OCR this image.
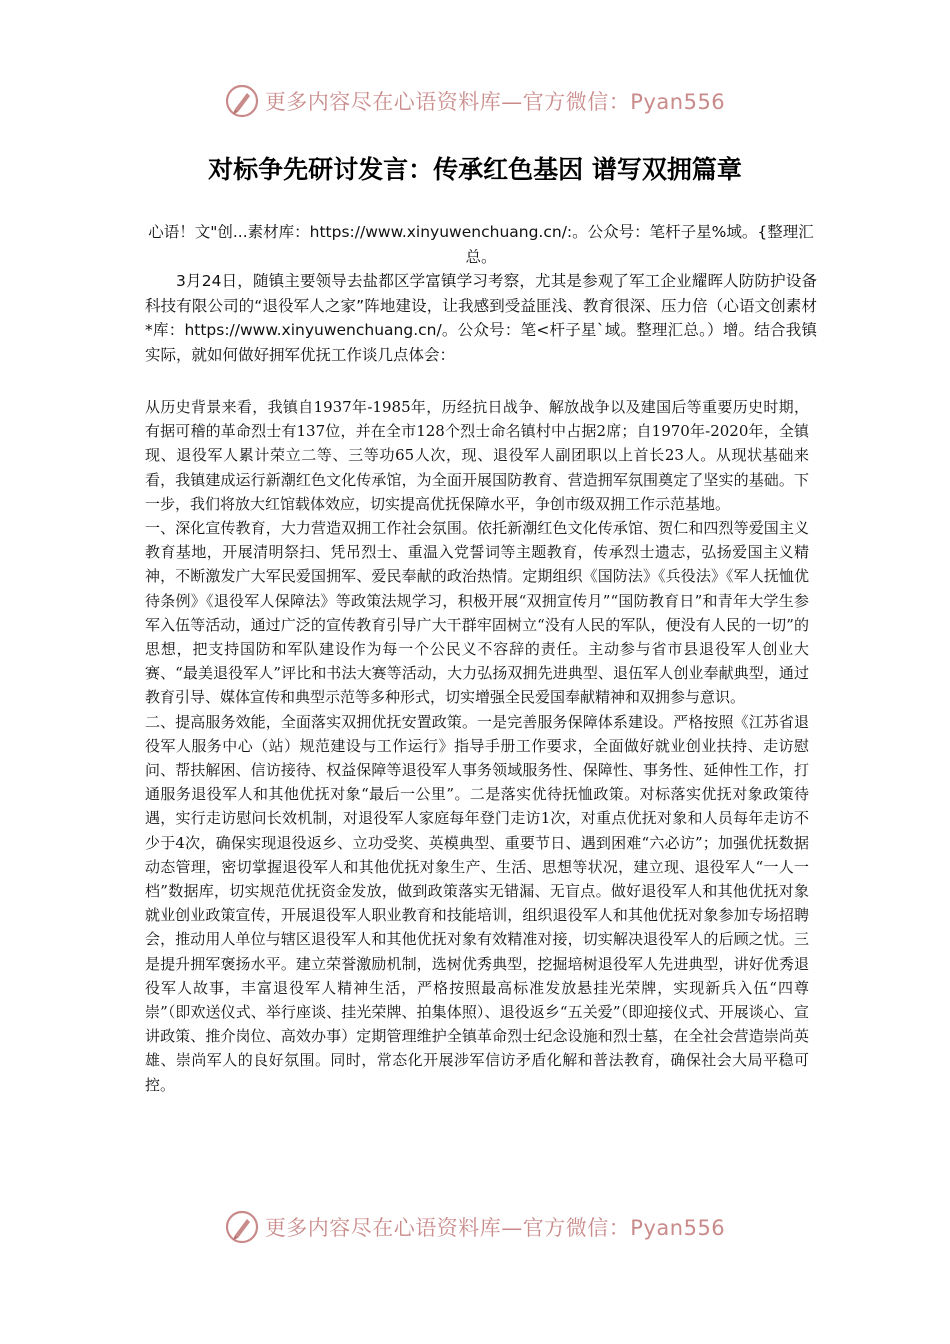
更多内容尽在心语资料库—官方微信：Pyan556
对标争先研讨发言：传承红色基因 谱写双拥篇章

心语！文"创...素材库：https://www.xinyuwenchuang.cn/:。公众号：笔杆子星%域。{整理汇总。

3月24日，随镇主要领导去盐都区学富镇学习考察，尤其是参观了军工企业耀晖人防防护设备科技有限公司的“退役军人之家”阵地建设，让我感到受益匪浅、教育很深、压力倍（心语文创素材*库：https://www.xinyuwenchuang.cn/。公众号：笔<杆子星`域。整理汇总。）增。结合我镇实际，就如何做好拥军优抚工作谈几点体会：

从历史背景来看，我镇自1937年-1985年，历经抗日战争、解放战争以及建国后等重要历史时期，有据可稽的革命烈士有137位，并在全市128个烈士命名镇村中占据2席；自1970年-2020年，全镇现、退役军人累计荣立二等、三等功65人次，现、退役军人副团职以上首长23人。从现状基础来看，我镇建成运行新潮红色文化传承馆，为全面开展国防教育、营造拥军氛围奠定了坚实的基础。下一步，我们将放大红馆载体效应，切实提高优抚保障水平，争创市级双拥工作示范基地。

一、深化宣传教育，大力营造双拥工作社会氛围。依托新潮红色文化传承馆、贺仁和四烈等爱国主义教育基地，开展清明祭扫、凭吊烈士、重温入党誓词等主题教育，传承烈士遗志，弘扬爱国主义精神，不断激发广大军民爱国拥军、爱民奉献的政治热情。定期组织《国防法》《兵役法》《军人抚恤优待条例》《退役军人保障法》等政策法规学习，积极开展“双拥宣传月”“国防教育日”和青年大学生参军入伍等活动，通过广泛的宣传教育引导广大干群牢固树立“没有人民的军队，便没有人民的一切”的思想，把支持国防和军队建设作为每一个公民义不容辞的责任。主动参与省市县退役军人创业大赛、“最美退役军人”评比和书法大赛等活动，大力弘扬双拥先进典型、退伍军人创业奉献典型，通过教育引导、媒体宣传和典型示范等多种形式，切实增强全民爱国奉献精神和双拥参与意识。

二、提高服务效能，全面落实双拥优抚安置政策。一是完善服务保障体系建设。严格按照《江苏省退役军人服务中心（站）规范建设与工作运行》指导手册工作要求，全面做好就业创业扶持、走访慰问、帮扶解困、信访接待、权益保障等退役军人事务领域服务性、保障性、事务性、延伸性工作，打通服务退役军人和其他优抚对象“最后一公里”。二是落实优待抚恤政策。对标落实优抚对象政策待遇，实行走访慰问长效机制，对退役军人家庭每年登门走访1次，对重点优抚对象和人员每年走访不少于4次，确保实现退役返乡、立功受奖、英模典型、重要节日、遇到困难“六必访”；加强优抚数据动态管理，密切掌握退役军人和其他优抚对象生产、生活、思想等状况，建立现、退役军人“一人一档”数据库，切实规范优抚资金发放，做到政策落实无错漏、无盲点。做好退役军人和其他优抚对象就业创业政策宣传，开展退役军人职业教育和技能培训，组织退役军人和其他优抚对象参加专场招聘会，推动用人单位与辖区退役军人和其他优抚对象有效精准对接，切实解决退役军人的后顾之忧。三是提升拥军褒扬水平。建立荣誉激励机制，选树优秀典型，挖掘培树退役军人先进典型，讲好优秀退役军人故事，丰富退役军人精神生活，严格按照最高标准发放悬挂光荣牌，实现新兵入伍“四尊崇”（即欢送仪式、举行座谈、挂光荣牌、拍集体照）、退役返乡“五关爱”（即迎接仪式、开展谈心、宣讲政策、推介岗位、高效办事）定期管理维护全镇革命烈士纪念设施和烈士墓，在全社会营造崇尚英雄、崇尚军人的良好氛围。同时，常态化开展涉军信访矛盾化解和普法教育，确保社会大局平稳可控。

更多内容尽在心语资料库—官方微信：Pyan556
